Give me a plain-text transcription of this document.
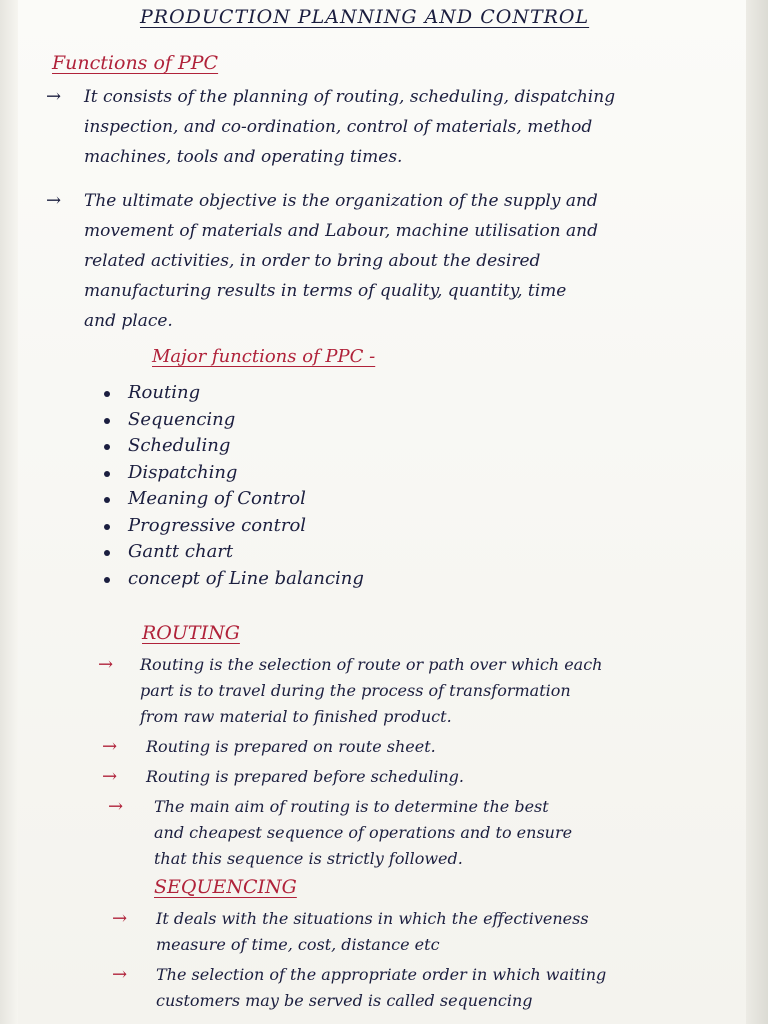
PRODUCTION PLANNING AND CONTROL
Functions of PPC
→ It consists of the planning of routing, scheduling, dispatching
inspection, and co-ordination, control of materials, method
machines, tools and operating times.
→ The ultimate objective is the organization of the supply and
movement of materials and Labour, machine utilisation and
related activities, in order to bring about the desired
manufacturing results in terms of quality, quantity, time
and place.
Major functions of PPC -
Routing
Sequencing
Scheduling
Dispatching
Meaning of Control
Progressive control
Gantt chart
concept of Line balancing
ROUTING
→ Routing is the selection of route or path over which each
part is to travel during the process of transformation
from raw material to finished product.
→ Routing is prepared on route sheet.
→ Routing is prepared before scheduling.
→ The main aim of routing is to determine the best
and cheapest sequence of operations and to ensure
that this sequence is strictly followed.
SEQUENCING
→ It deals with the situations in which the effectiveness
measure of time, cost, distance etc
→ The selection of the appropriate order in which waiting
customers may be served is called sequencing
